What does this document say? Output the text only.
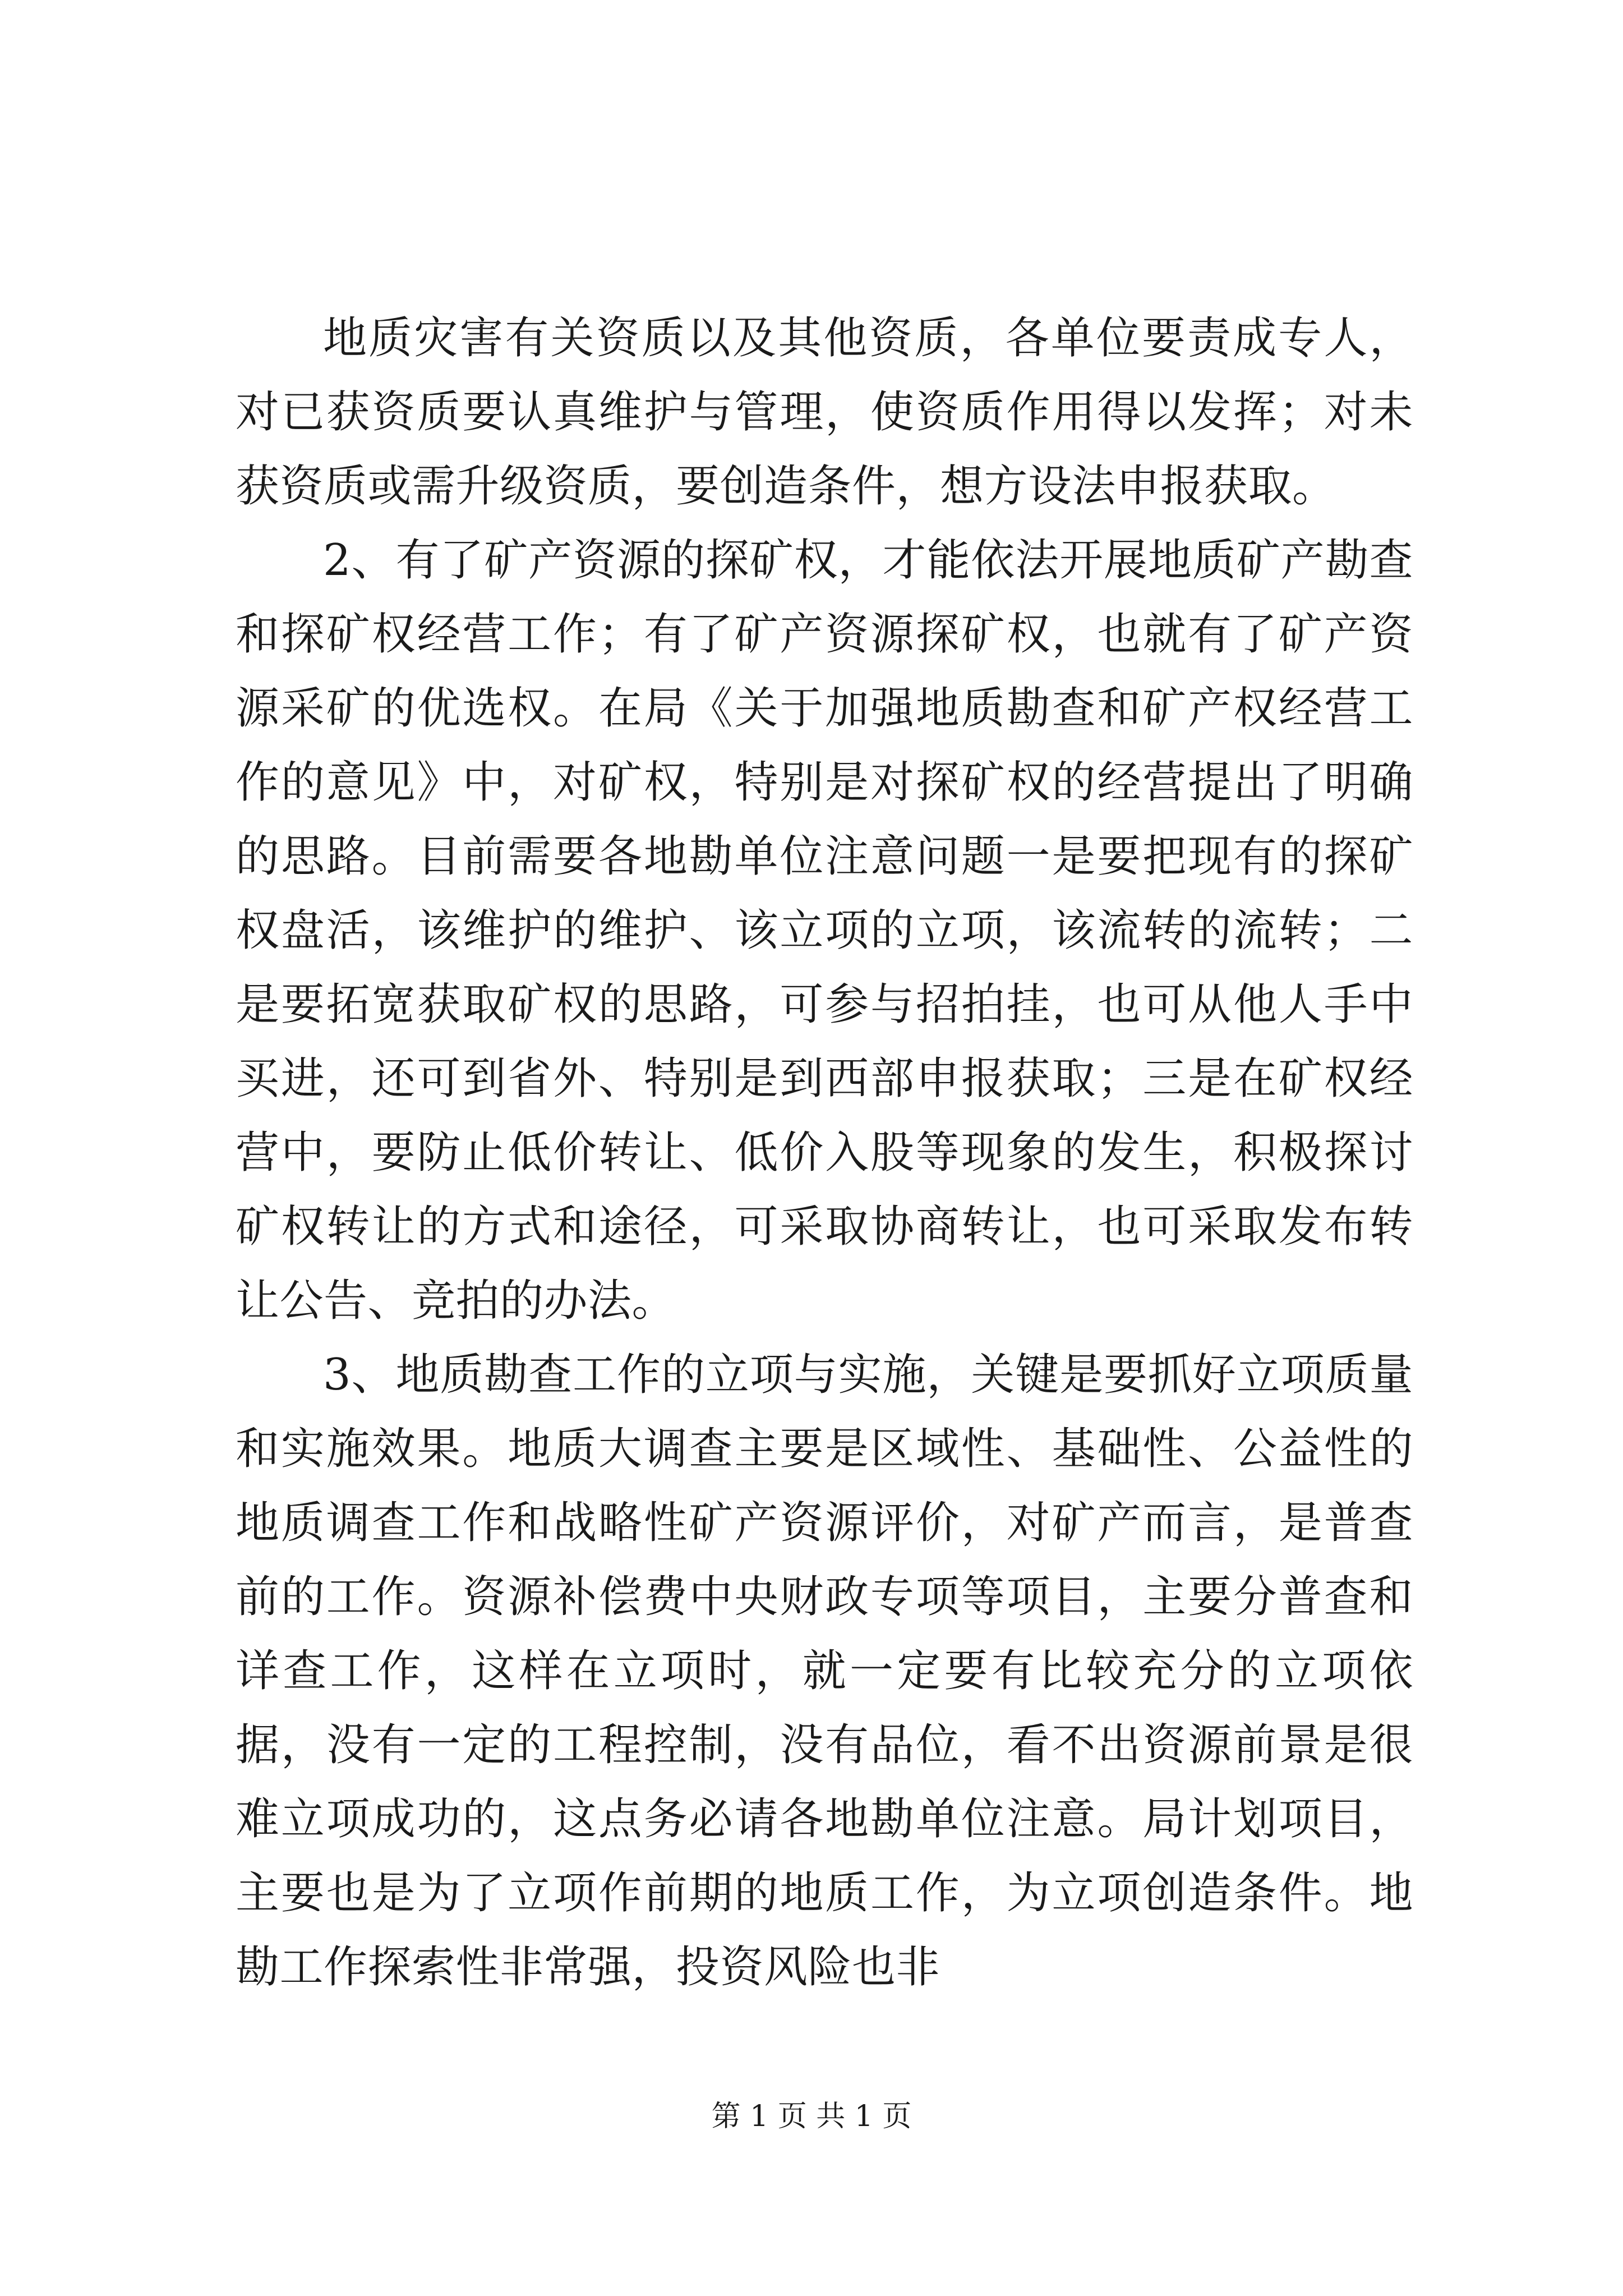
地质灾害有关资质以及其他资质，各单位要责成专人，对已获资质要认真维护与管理，使资质作用得以发挥；对未获资质或需升级资质，要创造条件，想方设法申报获取。

2、有了矿产资源的探矿权，才能依法开展地质矿产勘查和探矿权经营工作；有了矿产资源探矿权，也就有了矿产资源采矿的优选权。在局《关于加强地质勘查和矿产权经营工作的意见》中，对矿权，特别是对探矿权的经营提出了明确的思路。目前需要各地勘单位注意问题一是要把现有的探矿权盘活，该维护的维护、该立项的立项，该流转的流转；二是要拓宽获取矿权的思路，可参与招拍挂，也可从他人手中买进，还可到省外、特别是到西部申报获取；三是在矿权经营中，要防止低价转让、低价入股等现象的发生，积极探讨矿权转让的方式和途径，可采取协商转让，也可采取发布转让公告、竞拍的办法。

3、地质勘查工作的立项与实施，关键是要抓好立项质量和实施效果。地质大调查主要是区域性、基础性、公益性的地质调查工作和战略性矿产资源评价，对矿产而言，是普查前的工作。资源补偿费中央财政专项等项目，主要分普查和详查工作，这样在立项时，就一定要有比较充分的立项依据，没有一定的工程控制，没有品位，看不出资源前景是很难立项成功的，这点务必请各地勘单位注意。局计划项目，主要也是为了立项作前期的地质工作，为立项创造条件。地勘工作探索性非常强，投资风险也非

第 1 页 共 1 页
